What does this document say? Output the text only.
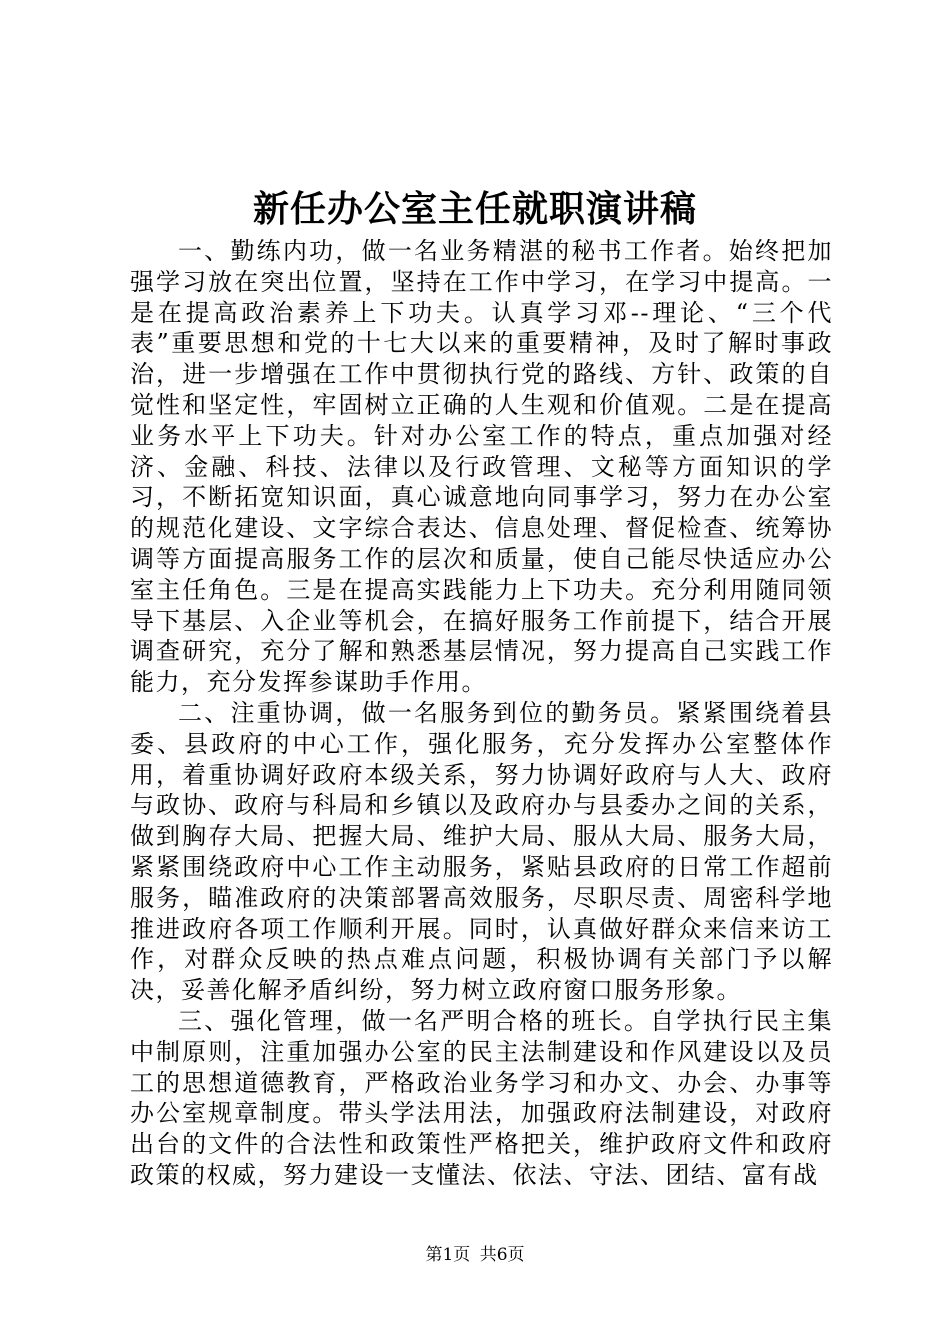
新任办公室主任就职演讲稿

一、勤练内功，做一名业务精湛的秘书工作者。始终把加强学习放在突出位置，坚持在工作中学习，在学习中提高。一是在提高政治素养上下功夫。认真学习邓--理论、“三个代表”重要思想和党的十七大以来的重要精神，及时了解时事政治，进一步增强在工作中贯彻执行党的路线、方针、政策的自觉性和坚定性，牢固树立正确的人生观和价值观。二是在提高业务水平上下功夫。针对办公室工作的特点，重点加强对经济、金融、科技、法律以及行政管理、文秘等方面知识的学习，不断拓宽知识面，真心诚意地向同事学习，努力在办公室的规范化建设、文字综合表达、信息处理、督促检查、统筹协调等方面提高服务工作的层次和质量，使自己能尽快适应办公室主任角色。三是在提高实践能力上下功夫。充分利用随同领导下基层、入企业等机会，在搞好服务工作前提下，结合开展调查研究，充分了解和熟悉基层情况，努力提高自己实践工作能力，充分发挥参谋助手作用。

二、注重协调，做一名服务到位的勤务员。紧紧围绕着县委、县政府的中心工作，强化服务，充分发挥办公室整体作用，着重协调好政府本级关系，努力协调好政府与人大、政府与政协、政府与科局和乡镇以及政府办与县委办之间的关系，做到胸存大局、把握大局、维护大局、服从大局、服务大局，紧紧围绕政府中心工作主动服务，紧贴县政府的日常工作超前服务，瞄准政府的决策部署高效服务，尽职尽责、周密科学地推进政府各项工作顺利开展。同时，认真做好群众来信来访工作，对群众反映的热点难点问题，积极协调有关部门予以解决，妥善化解矛盾纠纷，努力树立政府窗口服务形象。

三、强化管理，做一名严明合格的班长。自学执行民主集中制原则，注重加强办公室的民主法制建设和作风建设以及员工的思想道德教育，严格政治业务学习和办文、办会、办事等办公室规章制度。带头学法用法，加强政府法制建设，对政府出台的文件的合法性和政策性严格把关，维护政府文件和政府政策的权威，努力建设一支懂法、依法、守法、团结、富有战

第1页 共6页
